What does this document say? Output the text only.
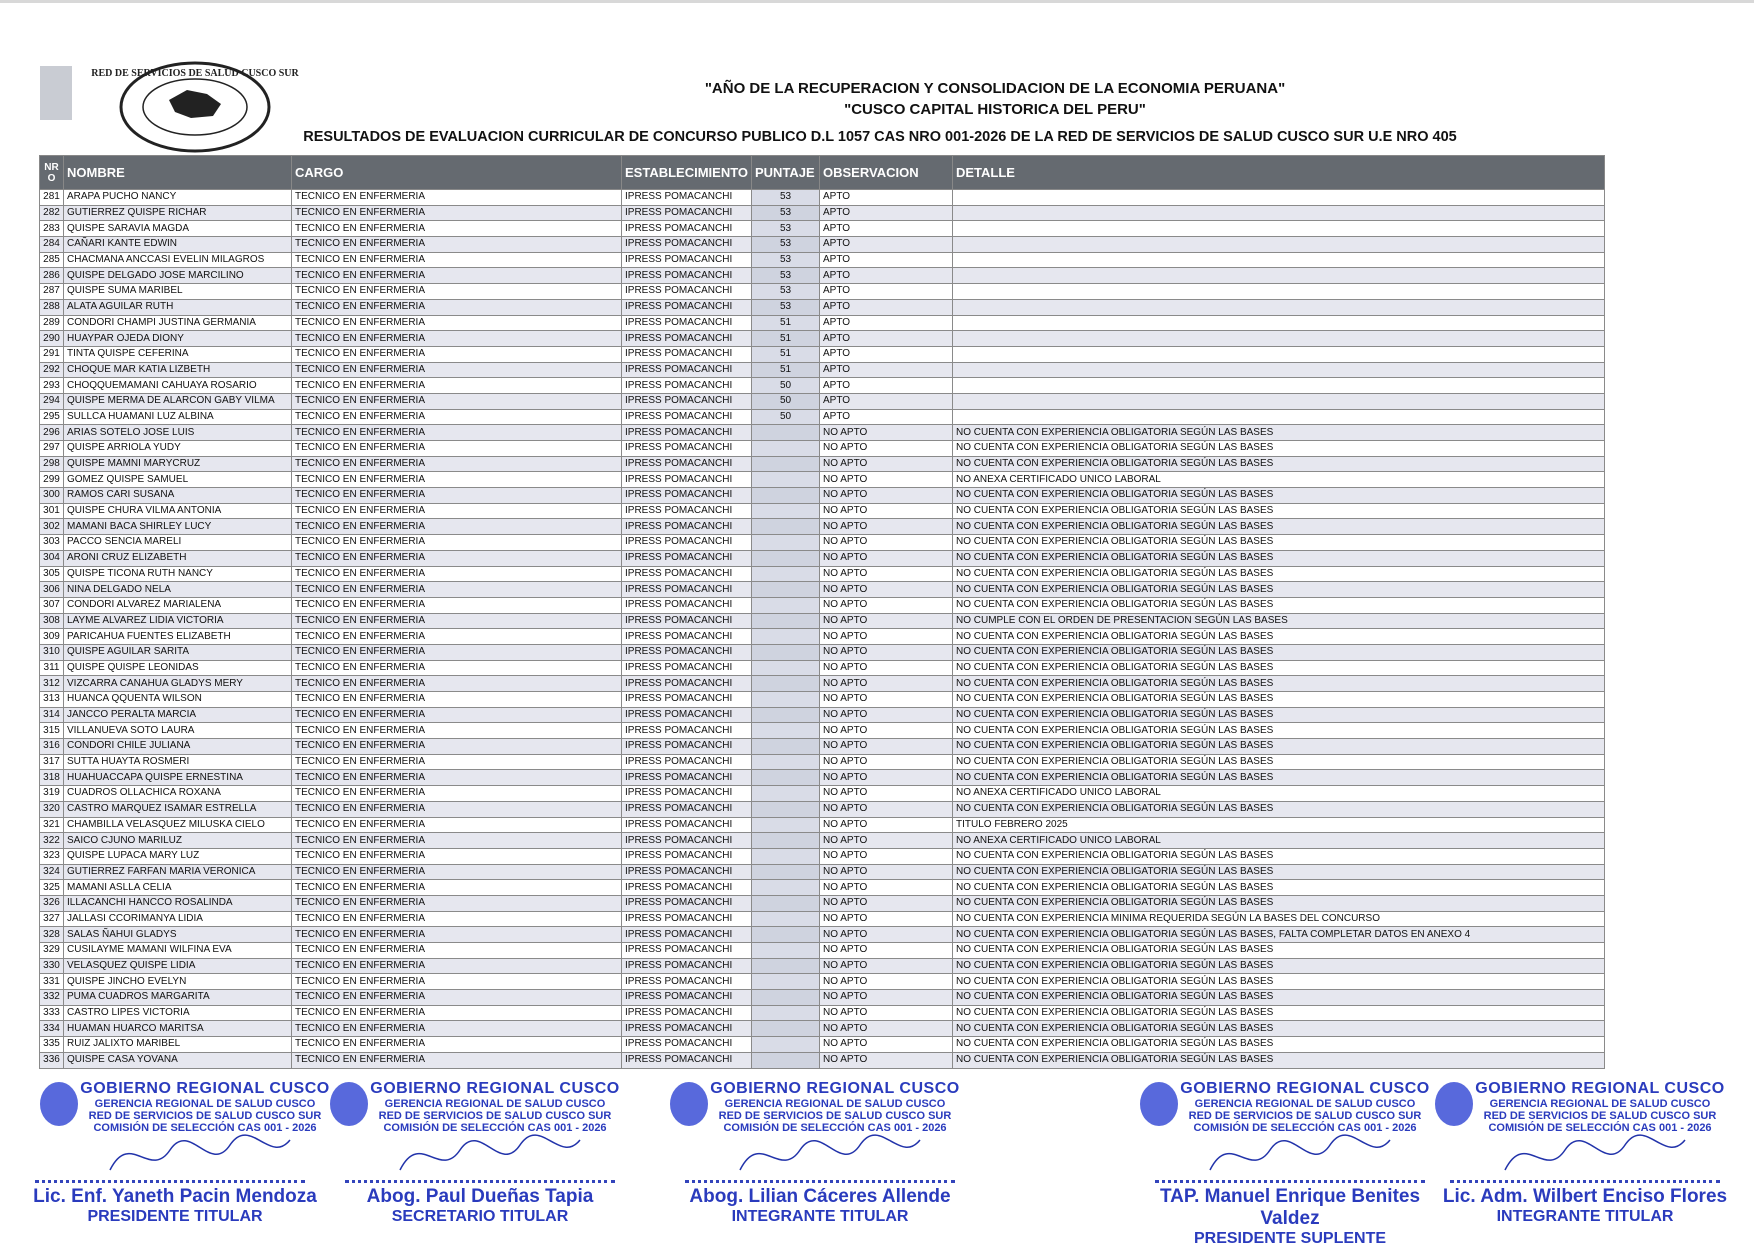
RED DE SERVICIOS DE SALUD CUSCO SUR
"AÑO DE LA RECUPERACION Y CONSOLIDACION DE LA ECONOMIA PERUANA"
"CUSCO CAPITAL HISTORICA DEL PERU"
RESULTADOS DE EVALUACION CURRICULAR DE CONCURSO PUBLICO D.L 1057 CAS NRO 001-2026 DE LA RED DE SERVICIOS DE SALUD CUSCO SUR U.E NRO 405
NR O	NOMBRE	CARGO	ESTABLECIMIENTO	PUNTAJE	OBSERVACION	DETALLE
281	ARAPA PUCHO NANCY	TECNICO EN ENFERMERIA	IPRESS POMACANCHI	53	APTO	
282	GUTIERREZ QUISPE RICHAR	TECNICO EN ENFERMERIA	IPRESS POMACANCHI	53	APTO	
283	QUISPE SARAVIA MAGDA	TECNICO EN ENFERMERIA	IPRESS POMACANCHI	53	APTO	
284	CAÑARI KANTE EDWIN	TECNICO EN ENFERMERIA	IPRESS POMACANCHI	53	APTO	
285	CHACMANA ANCCASI EVELIN MILAGROS	TECNICO EN ENFERMERIA	IPRESS POMACANCHI	53	APTO	
286	QUISPE DELGADO JOSE MARCILINO	TECNICO EN ENFERMERIA	IPRESS POMACANCHI	53	APTO	
287	QUISPE SUMA MARIBEL	TECNICO EN ENFERMERIA	IPRESS POMACANCHI	53	APTO	
288	ALATA AGUILAR RUTH	TECNICO EN ENFERMERIA	IPRESS POMACANCHI	53	APTO	
289	CONDORI CHAMPI JUSTINA GERMANIA	TECNICO EN ENFERMERIA	IPRESS POMACANCHI	51	APTO	
290	HUAYPAR OJEDA DIONY	TECNICO EN ENFERMERIA	IPRESS POMACANCHI	51	APTO	
291	TINTA QUISPE CEFERINA	TECNICO EN ENFERMERIA	IPRESS POMACANCHI	51	APTO	
292	CHOQUE MAR KATIA LIZBETH	TECNICO EN ENFERMERIA	IPRESS POMACANCHI	51	APTO	
293	CHOQQUEMAMANI CAHUAYA ROSARIO	TECNICO EN ENFERMERIA	IPRESS POMACANCHI	50	APTO	
294	QUISPE MERMA DE ALARCON GABY VILMA	TECNICO EN ENFERMERIA	IPRESS POMACANCHI	50	APTO	
295	SULLCA HUAMANI LUZ ALBINA	TECNICO EN ENFERMERIA	IPRESS POMACANCHI	50	APTO	
296	ARIAS SOTELO JOSE LUIS	TECNICO EN ENFERMERIA	IPRESS POMACANCHI		NO APTO	NO CUENTA CON EXPERIENCIA OBLIGATORIA SEGÚN LAS BASES
297	QUISPE ARRIOLA YUDY	TECNICO EN ENFERMERIA	IPRESS POMACANCHI		NO APTO	NO CUENTA CON EXPERIENCIA OBLIGATORIA SEGÚN LAS BASES
298	QUISPE MAMNI MARYCRUZ	TECNICO EN ENFERMERIA	IPRESS POMACANCHI		NO APTO	NO CUENTA CON EXPERIENCIA OBLIGATORIA SEGÚN LAS BASES
299	GOMEZ QUISPE SAMUEL	TECNICO EN ENFERMERIA	IPRESS POMACANCHI		NO APTO	NO ANEXA CERTIFICADO UNICO LABORAL
300	RAMOS CARI SUSANA	TECNICO EN ENFERMERIA	IPRESS POMACANCHI		NO APTO	NO CUENTA CON EXPERIENCIA OBLIGATORIA SEGÚN LAS BASES
301	QUISPE CHURA VILMA ANTONIA	TECNICO EN ENFERMERIA	IPRESS POMACANCHI		NO APTO	NO CUENTA CON EXPERIENCIA OBLIGATORIA SEGÚN LAS BASES
302	MAMANI BACA SHIRLEY LUCY	TECNICO EN ENFERMERIA	IPRESS POMACANCHI		NO APTO	NO CUENTA CON EXPERIENCIA OBLIGATORIA SEGÚN LAS BASES
303	PACCO SENCIA MARELI	TECNICO EN ENFERMERIA	IPRESS POMACANCHI		NO APTO	NO CUENTA CON EXPERIENCIA OBLIGATORIA SEGÚN LAS BASES
304	ARONI CRUZ ELIZABETH	TECNICO EN ENFERMERIA	IPRESS POMACANCHI		NO APTO	NO CUENTA CON EXPERIENCIA OBLIGATORIA SEGÚN LAS BASES
305	QUISPE TICONA RUTH NANCY	TECNICO EN ENFERMERIA	IPRESS POMACANCHI		NO APTO	NO CUENTA CON EXPERIENCIA OBLIGATORIA SEGÚN LAS BASES
306	NINA DELGADO NELA	TECNICO EN ENFERMERIA	IPRESS POMACANCHI		NO APTO	NO CUENTA CON EXPERIENCIA OBLIGATORIA SEGÚN LAS BASES
307	CONDORI ALVAREZ MARIALENA	TECNICO EN ENFERMERIA	IPRESS POMACANCHI		NO APTO	NO CUENTA CON EXPERIENCIA OBLIGATORIA SEGÚN LAS BASES
308	LAYME ALVAREZ LIDIA VICTORIA	TECNICO EN ENFERMERIA	IPRESS POMACANCHI		NO APTO	NO CUMPLE CON EL ORDEN DE PRESENTACION SEGÚN LAS BASES
309	PARICAHUA FUENTES ELIZABETH	TECNICO EN ENFERMERIA	IPRESS POMACANCHI		NO APTO	NO CUENTA CON EXPERIENCIA OBLIGATORIA SEGÚN LAS BASES
310	QUISPE AGUILAR SARITA	TECNICO EN ENFERMERIA	IPRESS POMACANCHI		NO APTO	NO CUENTA CON EXPERIENCIA OBLIGATORIA SEGÚN LAS BASES
311	QUISPE QUISPE LEONIDAS	TECNICO EN ENFERMERIA	IPRESS POMACANCHI		NO APTO	NO CUENTA CON EXPERIENCIA OBLIGATORIA SEGÚN LAS BASES
312	VIZCARRA CANAHUA GLADYS MERY	TECNICO EN ENFERMERIA	IPRESS POMACANCHI		NO APTO	NO CUENTA CON EXPERIENCIA OBLIGATORIA SEGÚN LAS BASES
313	HUANCA QQUENTA WILSON	TECNICO EN ENFERMERIA	IPRESS POMACANCHI		NO APTO	NO CUENTA CON EXPERIENCIA OBLIGATORIA SEGÚN LAS BASES
314	JANCCO PERALTA MARCIA	TECNICO EN ENFERMERIA	IPRESS POMACANCHI		NO APTO	NO CUENTA CON EXPERIENCIA OBLIGATORIA SEGÚN LAS BASES
315	VILLANUEVA SOTO LAURA	TECNICO EN ENFERMERIA	IPRESS POMACANCHI		NO APTO	NO CUENTA CON EXPERIENCIA OBLIGATORIA SEGÚN LAS BASES
316	CONDORI CHILE JULIANA	TECNICO EN ENFERMERIA	IPRESS POMACANCHI		NO APTO	NO CUENTA CON EXPERIENCIA OBLIGATORIA SEGÚN LAS BASES
317	SUTTA HUAYTA ROSMERI	TECNICO EN ENFERMERIA	IPRESS POMACANCHI		NO APTO	NO CUENTA CON EXPERIENCIA OBLIGATORIA SEGÚN LAS BASES
318	HUAHUACCAPA QUISPE ERNESTINA	TECNICO EN ENFERMERIA	IPRESS POMACANCHI		NO APTO	NO CUENTA CON EXPERIENCIA OBLIGATORIA SEGÚN LAS BASES
319	CUADROS OLLACHICA ROXANA	TECNICO EN ENFERMERIA	IPRESS POMACANCHI		NO APTO	NO ANEXA CERTIFICADO UNICO LABORAL
320	CASTRO MARQUEZ ISAMAR ESTRELLA	TECNICO EN ENFERMERIA	IPRESS POMACANCHI		NO APTO	NO CUENTA CON EXPERIENCIA OBLIGATORIA SEGÚN LAS BASES
321	CHAMBILLA VELASQUEZ MILUSKA CIELO	TECNICO EN ENFERMERIA	IPRESS POMACANCHI		NO APTO	TITULO FEBRERO 2025
322	SAICO CJUNO MARILUZ	TECNICO EN ENFERMERIA	IPRESS POMACANCHI		NO APTO	NO ANEXA CERTIFICADO UNICO LABORAL
323	QUISPE LUPACA MARY LUZ	TECNICO EN ENFERMERIA	IPRESS POMACANCHI		NO APTO	NO CUENTA CON EXPERIENCIA OBLIGATORIA SEGÚN LAS BASES
324	GUTIERREZ FARFAN MARIA VERONICA	TECNICO EN ENFERMERIA	IPRESS POMACANCHI		NO APTO	NO CUENTA CON EXPERIENCIA OBLIGATORIA SEGÚN LAS BASES
325	MAMANI ASLLA CELIA	TECNICO EN ENFERMERIA	IPRESS POMACANCHI		NO APTO	NO CUENTA CON EXPERIENCIA OBLIGATORIA SEGÚN LAS BASES
326	ILLACANCHI HANCCO ROSALINDA	TECNICO EN ENFERMERIA	IPRESS POMACANCHI		NO APTO	NO CUENTA CON EXPERIENCIA OBLIGATORIA SEGÚN LAS BASES
327	JALLASI CCORIMANYA LIDIA	TECNICO EN ENFERMERIA	IPRESS POMACANCHI		NO APTO	NO CUENTA CON EXPERIENCIA MINIMA REQUERIDA SEGÚN LA BASES DEL CONCURSO
328	SALAS ÑAHUI GLADYS	TECNICO EN ENFERMERIA	IPRESS POMACANCHI		NO APTO	NO CUENTA CON EXPERIENCIA OBLIGATORIA SEGÚN LAS BASES, FALTA COMPLETAR DATOS EN ANEXO 4
329	CUSILAYME MAMANI WILFINA EVA	TECNICO EN ENFERMERIA	IPRESS POMACANCHI		NO APTO	NO CUENTA CON EXPERIENCIA OBLIGATORIA SEGÚN LAS BASES
330	VELASQUEZ QUISPE LIDIA	TECNICO EN ENFERMERIA	IPRESS POMACANCHI		NO APTO	NO CUENTA CON EXPERIENCIA OBLIGATORIA SEGÚN LAS BASES
331	QUISPE JINCHO EVELYN	TECNICO EN ENFERMERIA	IPRESS POMACANCHI		NO APTO	NO CUENTA CON EXPERIENCIA OBLIGATORIA SEGÚN LAS BASES
332	PUMA CUADROS MARGARITA	TECNICO EN ENFERMERIA	IPRESS POMACANCHI		NO APTO	NO CUENTA CON EXPERIENCIA OBLIGATORIA SEGÚN LAS BASES
333	CASTRO LIPES VICTORIA	TECNICO EN ENFERMERIA	IPRESS POMACANCHI		NO APTO	NO CUENTA CON EXPERIENCIA OBLIGATORIA SEGÚN LAS BASES
334	HUAMAN HUARCO MARITSA	TECNICO EN ENFERMERIA	IPRESS POMACANCHI		NO APTO	NO CUENTA CON EXPERIENCIA OBLIGATORIA SEGÚN LAS BASES
335	RUIZ JALIXTO MARIBEL	TECNICO EN ENFERMERIA	IPRESS POMACANCHI		NO APTO	NO CUENTA CON EXPERIENCIA OBLIGATORIA SEGÚN LAS BASES
336	QUISPE CASA YOVANA	TECNICO EN ENFERMERIA	IPRESS POMACANCHI		NO APTO	NO CUENTA CON EXPERIENCIA OBLIGATORIA SEGÚN LAS BASES
GOBIERNO REGIONAL CUSCO
GERENCIA REGIONAL DE SALUD CUSCO
RED DE SERVICIOS DE SALUD CUSCO SUR
COMISIÓN DE SELECCIÓN CAS 001 - 2026
Lic. Enf. Yaneth Pacin Mendoza
PRESIDENTE TITULAR
GOBIERNO REGIONAL CUSCO
GERENCIA REGIONAL DE SALUD CUSCO
RED DE SERVICIOS DE SALUD CUSCO SUR
COMISIÓN DE SELECCIÓN CAS 001 - 2026
Abog. Paul Dueñas Tapia
SECRETARIO TITULAR
GOBIERNO REGIONAL CUSCO
GERENCIA REGIONAL DE SALUD CUSCO
RED DE SERVICIOS DE SALUD CUSCO SUR
COMISIÓN DE SELECCIÓN CAS 001 - 2026
Abog. Lilian Cáceres Allende
INTEGRANTE TITULAR
GOBIERNO REGIONAL CUSCO
GERENCIA REGIONAL DE SALUD CUSCO
RED DE SERVICIOS DE SALUD CUSCO SUR
COMISIÓN DE SELECCIÓN CAS 001 - 2026
TAP. Manuel Enrique Benites Valdez
PRESIDENTE SUPLENTE
GOBIERNO REGIONAL CUSCO
GERENCIA REGIONAL DE SALUD CUSCO
RED DE SERVICIOS DE SALUD CUSCO SUR
COMISIÓN DE SELECCIÓN CAS 001 - 2026
Lic. Adm. Wilbert Enciso Flores
INTEGRANTE TITULAR
